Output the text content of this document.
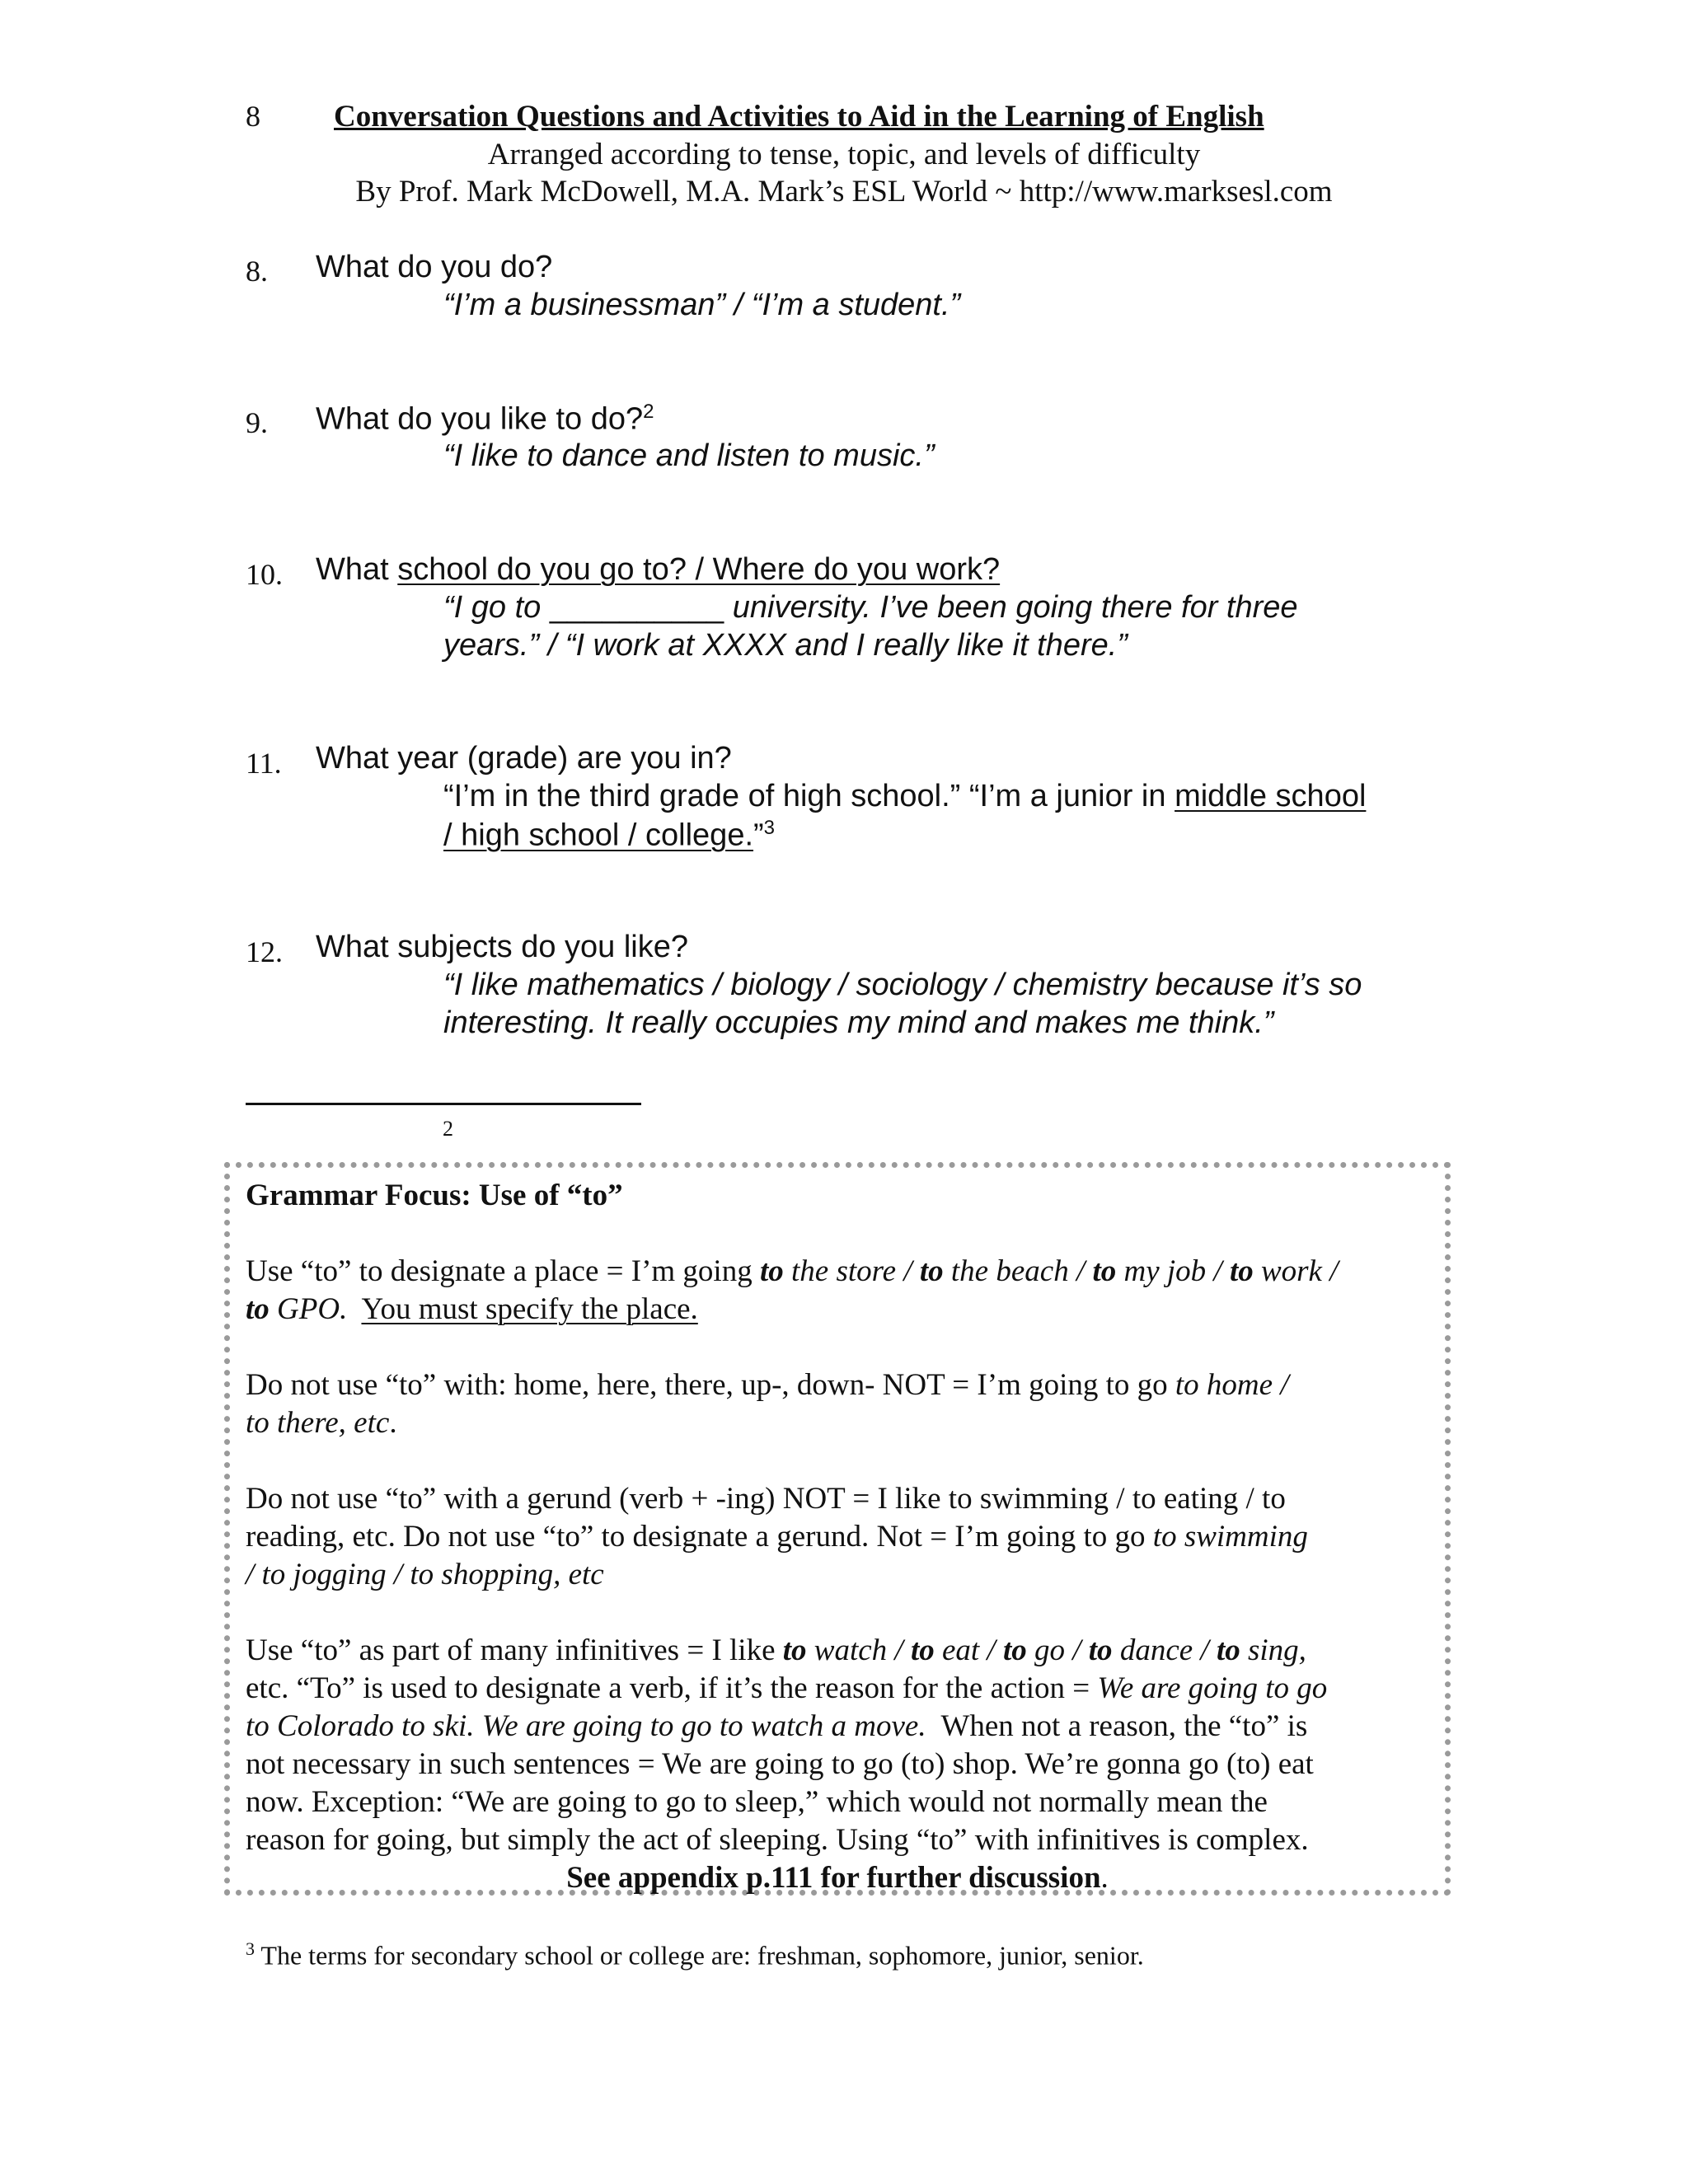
8 Conversation Questions and Activities to Aid in the Learning of English
Arranged according to tense, topic, and levels of difficulty
By Prof. Mark McDowell, M.A. Mark’s ESL World ~ http://www.marksesl.com
8. What do you do?
“I’m a businessman” / “I’m a student.”
9. What do you like to do?$^2$
“I like to dance and listen to music.”
10. What school do you go to? / Where do you work?
“I go to __________ university. I’ve been going there for three
years.” / “I work at XXXX and I really like it there.”
11. What year (grade) are you in?
“I’m in the third grade of high school.” “I’m a junior in middle school
/ high school / college.”$^3$
12. What subjects do you like?
“I like mathematics / biology / sociology / chemistry because it’s so
interesting. It really occupies my mind and makes me think.”
2
Grammar Focus: Use of “to”
Use “to” to designate a place = I’m going to the store / to the beach / to my job / to work /
to GPO. You must specify the place.
Do not use “to” with: home, here, there, up-, down- NOT = I’m going to go to home /
to there, etc.
Do not use “to” with a gerund (verb + -ing) NOT = I like to swimming / to eating / to
reading, etc. Do not use “to” to designate a gerund. Not = I’m going to go to swimming
/ to jogging / to shopping, etc
Use “to” as part of many infinitives = I like to watch / to eat / to go / to dance / to sing,
etc. “To” is used to designate a verb, if it’s the reason for the action = We are going to go
to Colorado to ski. We are going to go to watch a move.  When not a reason, the “to” is
not necessary in such sentences = We are going to go (to) shop. We’re gonna go (to) eat
now. Exception: “We are going to go to sleep,” which would not normally mean the
reason for going, but simply the act of sleeping. Using “to” with infinitives is complex.
See appendix p.111 for further discussion.
$^3$ The terms for secondary school or college are: freshman, sophomore, junior, senior.
